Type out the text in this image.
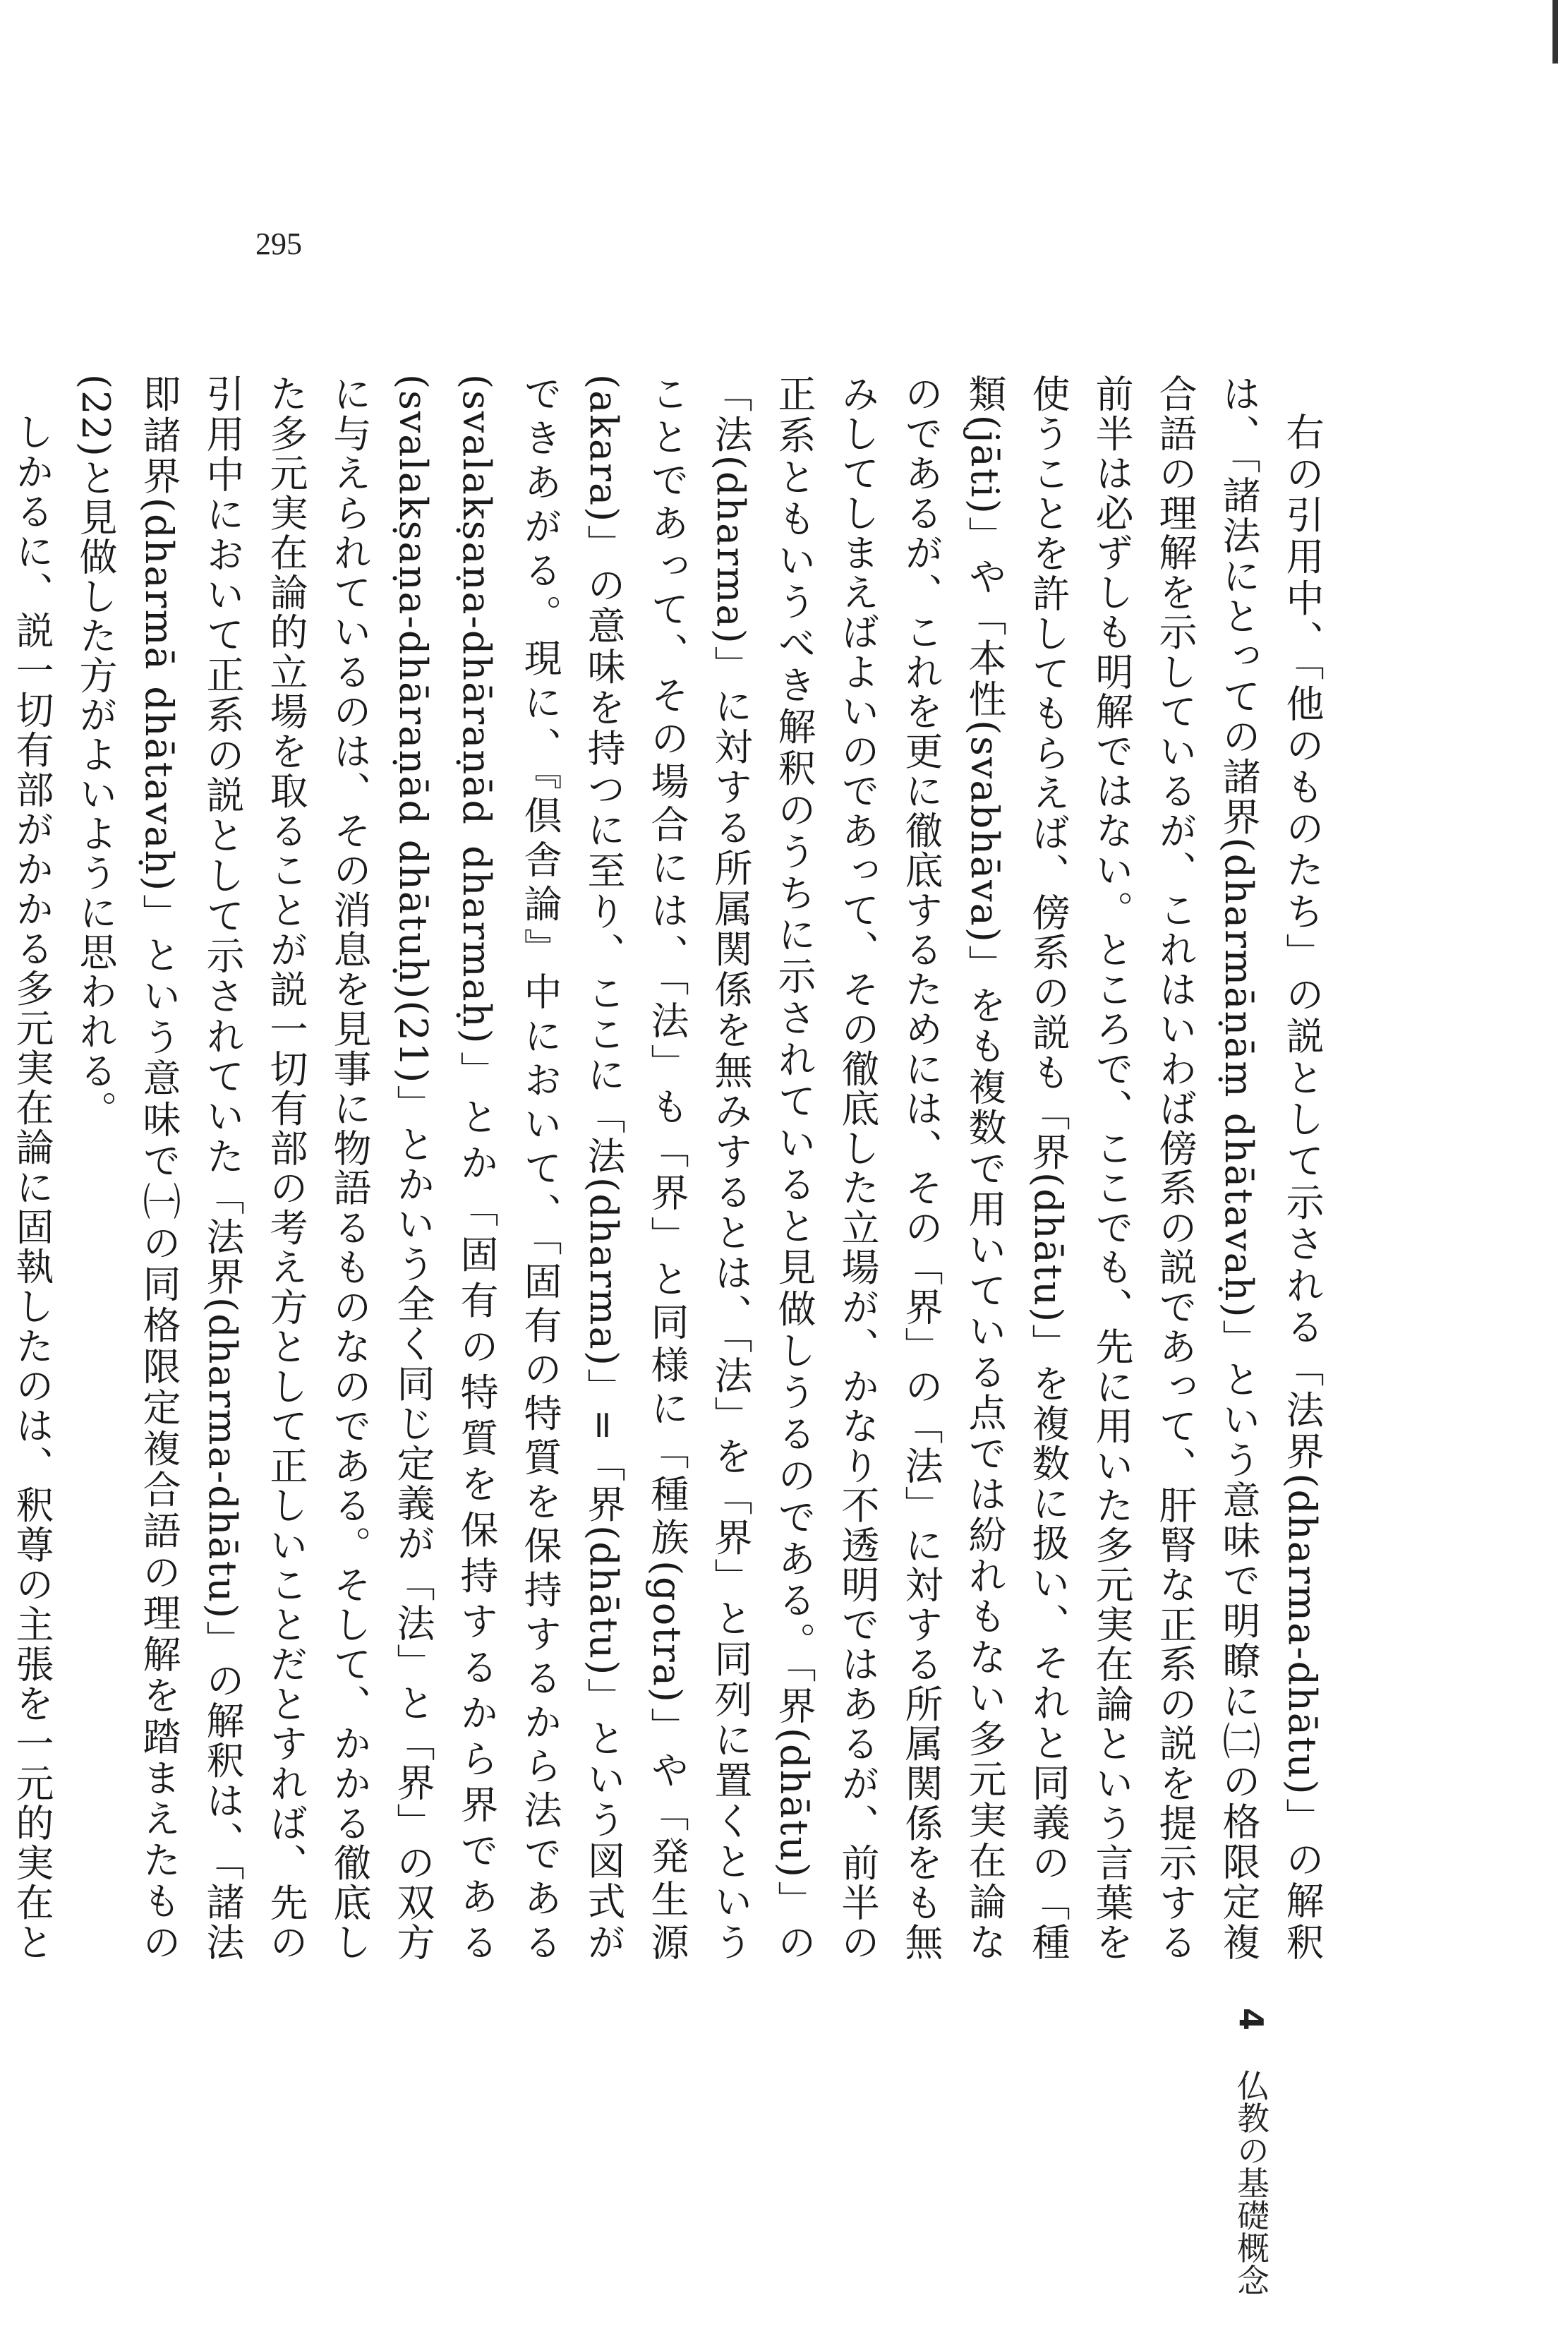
295

右の引用中、「他のものたち」の説として示される「法界(dharma-dhātu)」の解釈は、「諸法にとっての諸界(dharmāṇāṃ dhātavaḥ)」という意味で明瞭に㈡の格限定複合語の理解を示しているが、これはいわば傍系の説であって、肝腎な正系の説を提示する前半は必ずしも明解ではない。ところで、ここでも、先に用いた多元実在論という言葉を使うことを許してもらえば、傍系の説も「界(dhātu)」を複数に扱い、それと同義の「種類(jāti)」や「本性(svabhāva)」をも複数で用いている点では紛れもない多元実在論なのであるが、これを更に徹底するためには、その「界」の「法」に対する所属関係をも無みしてしまえばよいのであって、その徹底した立場が、かなり不透明ではあるが、前半の正系ともいうべき解釈のうちに示されていると見做しうるのである。「界(dhātu)」の「法(dharma)」に対する所属関係を無みするとは、「法」を「界」と同列に置くということであって、その場合には、「法」も「界」と同様に「種族(gotra)」や「発生源(akara)」の意味を持つに至り、ここに「法(dharma)」=「界(dhātu)」という図式ができあがる。現に、『倶舎論』中において、「固有の特質を保持するから法である(svalakṣaṇa-dhāraṇād dharmaḥ)」とか「固有の特質を保持するから界である(svalakṣaṇa-dhāraṇād dhātuḥ)(21)」とかいう全く同じ定義が「法」と「界」の双方に与えられているのは、その消息を見事に物語るものなのである。そして、かかる徹底した多元実在論的立場を取ることが説一切有部の考え方として正しいことだとすれば、先の引用中において正系の説として示されていた「法界(dharma-dhātu)」の解釈は、「諸法即諸界(dharmā dhātavaḥ)」という意味で㈠の同格限定複合語の理解を踏まえたもの(22)と見做した方がよいように思われる。

しかるに、説一切有部がかかる多元実在論に固執したのは、釈尊の主張を一元的実在と

4 仏教の基礎概念
